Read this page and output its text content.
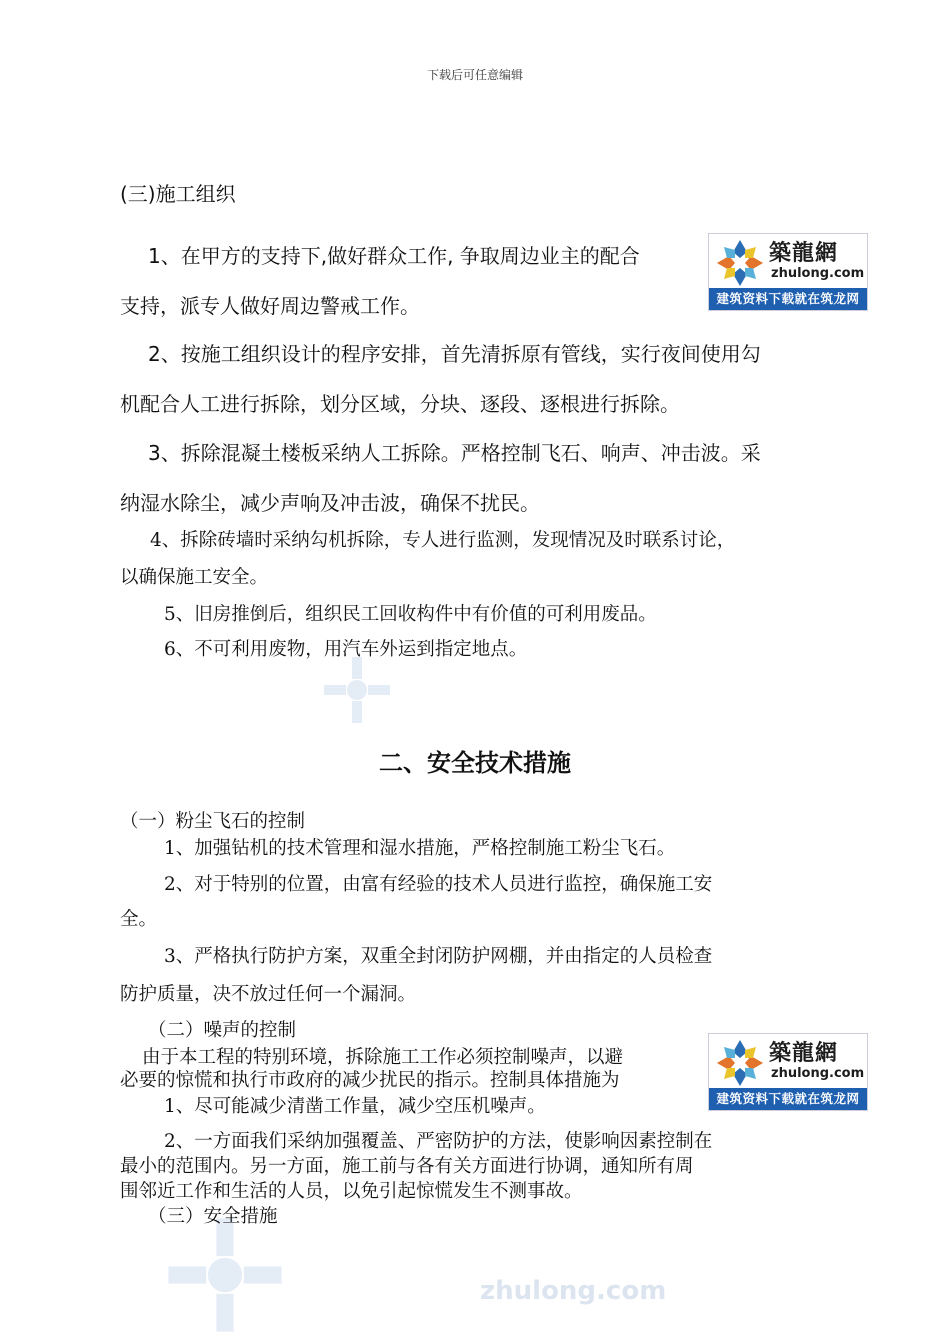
zhulong.com
下载后可任意编辑
(三)施工组织
1、在甲方的支持下,做好群众工作, 争取周边业主的配合
支持，派专人做好周边警戒工作。
2、按施工组织设计的程序安排，首先清拆原有管线，实行夜间使用勾
机配合人工进行拆除，划分区域，分块、逐段、逐根进行拆除。
3、拆除混凝土楼板采纳人工拆除。严格控制飞石、响声、冲击波。采
纳湿水除尘，减少声响及冲击波，确保不扰民。
4、拆除砖墙时采纳勾机拆除，专人进行监测，发现情况及时联系讨论，
以确保施工安全。
5、旧房推倒后，组织民工回收构件中有价值的可利用废品。
6、不可利用废物，用汽车外运到指定地点。
二、安全技术措施
（一）粉尘飞石的控制
1、加强钻机的技术管理和湿水措施，严格控制施工粉尘飞石。
2、对于特别的位置，由富有经验的技术人员进行监控，确保施工安
全。
3、严格执行防护方案，双重全封闭防护网棚，并由指定的人员检查
防护质量，决不放过任何一个漏洞。
（二）噪声的控制
由于本工程的特别环境，拆除施工工作必须控制噪声，以避
必要的惊慌和执行市政府的减少扰民的指示。控制具体措施为
1、尽可能减少清凿工作量，减少空压机噪声。
2、一方面我们采纳加强覆盖、严密防护的方法，使影响因素控制在
最小的范围内。另一方面，施工前与各有关方面进行协调，通知所有周
围邻近工作和生活的人员，以免引起惊慌发生不测事故。
（三）安全措施
築龍網
zhulong.com
建筑资料下载就在筑龙网
築龍網
zhulong.com
建筑资料下载就在筑龙网
